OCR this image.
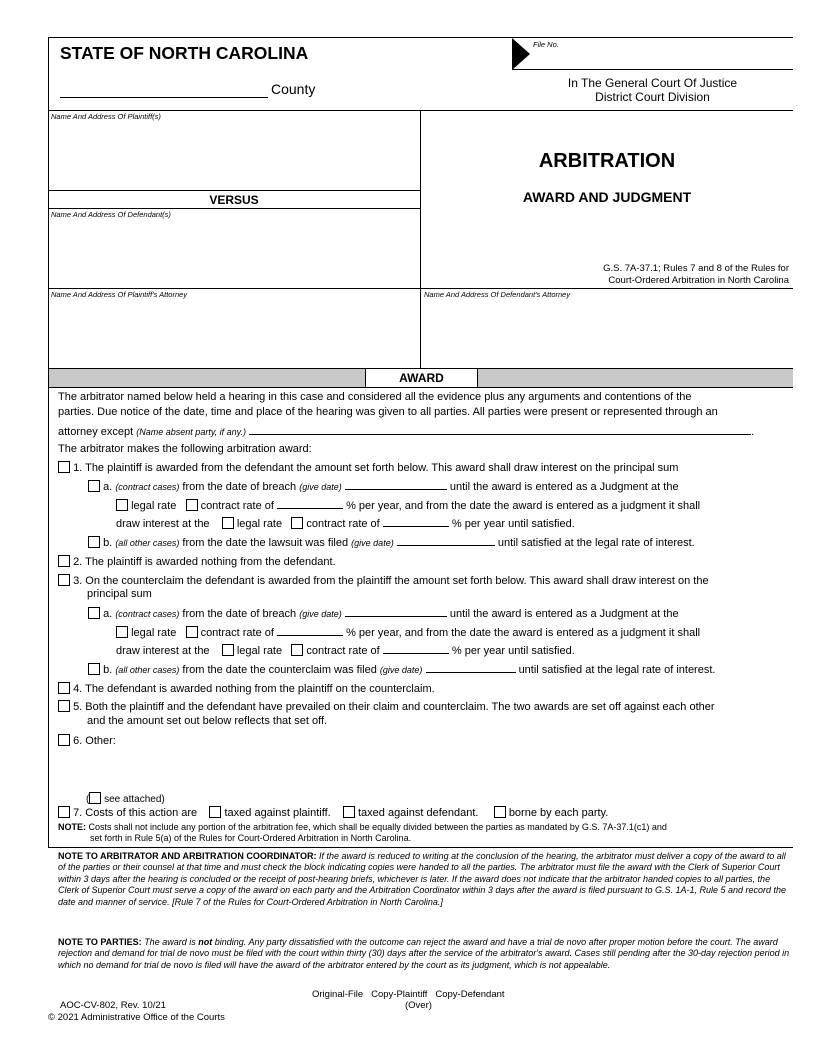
STATE OF NORTH CAROLINA	File No.
County	In The General Court Of Justice
District Court Division
Name And Address Of Plaintiff(s)
VERSUS
Name And Address Of Defendant(s)
Name And Address Of Plaintiff's Attorney	Name And Address Of Defendant's Attorney
ARBITRATION
AWARD AND JUDGMENT
G.S. 7A-37.1; Rules 7 and 8 of the Rules for
Court-Ordered Arbitration in North Carolina
AWARD
The arbitrator named below held a hearing in this case and considered all the evidence plus any arguments and contentions of the
parties. Due notice of the date, time and place of the hearing was given to all parties. All parties were present or represented through an
attorney except (Name absent party, if any.)	.
The arbitrator makes the following arbitration award:
1. The plaintiff is awarded from the defendant the amount set forth below. This award shall draw interest on the principal sum
a. (contract cases) from the date of breach (give date)	until the award is entered as a Judgment at the
legal rate contract rate of	% per year, and from the date the award is entered as a judgment it shall
draw interest at the legal rate contract rate of	% per year until satisfied.
b. (all other cases) from the date the lawsuit was filed (give date)	until satisfied at the legal rate of interest.
2. The plaintiff is awarded nothing from the defendant.
3. On the counterclaim the defendant is awarded from the plaintiff the amount set forth below. This award shall draw interest on the
principal sum
a. (contract cases) from the date of breach (give date)	until the award is entered as a Judgment at the
legal rate contract rate of	% per year, and from the date the award is entered as a judgment it shall
draw interest at the legal rate contract rate of	% per year until satisfied.
b. (all other cases) from the date the counterclaim was filed (give date)	until satisfied at the legal rate of interest.
4. The defendant is awarded nothing from the plaintiff on the counterclaim.
5. Both the plaintiff and the defendant have prevailed on their claim and counterclaim. The two awards are set off against each other
and the amount set out below reflects that set off.
6. Other:
( see attached)
7. Costs of this action are taxed against plaintiff. taxed against defendant.	borne by each party.
NOTE: Costs shall not include any portion of the arbitration fee, which shall be equally divided between the parties as mandated by G.S. 7A-37.1(c1) and
set forth in Rule 5(a) of the Rules for Court-Ordered Arbitration in North Carolina.
NOTE TO ARBITRATOR AND ARBITRATION COORDINATOR: If the award is reduced to writing at the conclusion of the hearing, the arbitrator must deliver a copy of the award to all of the parties or their counsel at that time and must check the block indicating copies were handed to all the parties. The arbitrator must file the award with the Clerk of Superior Court within 3 days after the hearing is concluded or the receipt of post-hearing briefs, whichever is later. If the award does not indicate that the arbitrator handed copies to all parties, the Clerk of Superior Court must serve a copy of the award on each party and the Arbitration Coordinator within 3 days after the award is filed pursuant to G.S. 1A-1, Rule 5 and record the date and manner of service. [Rule 7 of the Rules for Court-Ordered Arbitration in North Carolina.]
NOTE TO PARTIES: The award is not binding. Any party dissatisfied with the outcome can reject the award and have a trial de novo after proper motion before the court. The award rejection and demand for trial de novo must be filed with the court within thirty (30) days after the service of the arbitrator's award. Cases still pending after the 30-day rejection period in which no demand for trial de novo is filed will have the award of the arbitrator entered by the court as its judgment, which is not appealable.
Original-File   Copy-Plaintiff   Copy-Defendant
(Over)
AOC-CV-802, Rev. 10/21
© 2021 Administrative Office of the Courts
